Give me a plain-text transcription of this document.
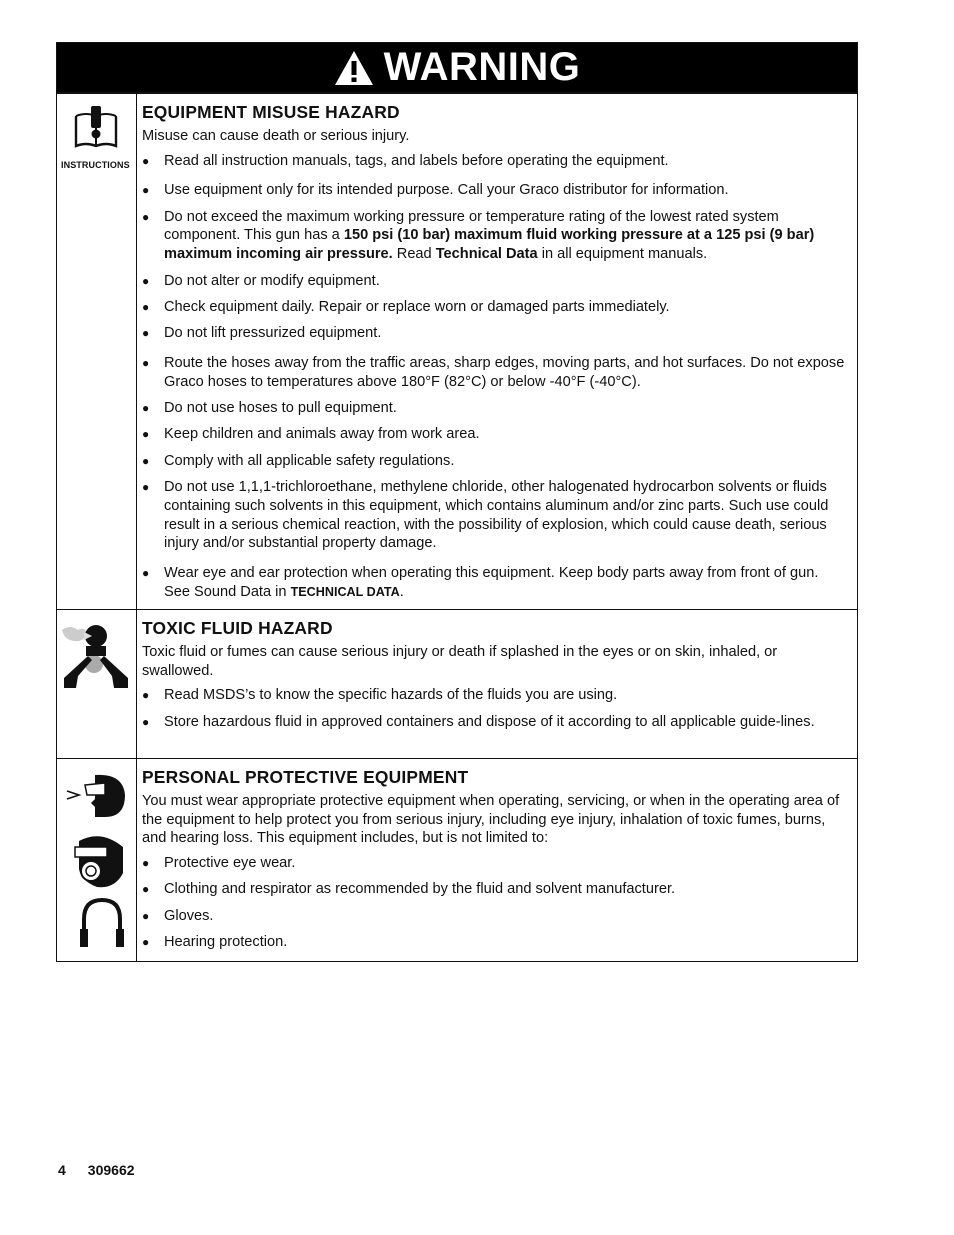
WARNING
INSTRUCTIONS
EQUIPMENT MISUSE HAZARD

Misuse can cause death or serious injury.

● Read all instruction manuals, tags, and labels before operating the equipment.
● Use equipment only for its intended purpose. Call your Graco distributor for information.
● Do not exceed the maximum working pressure or temperature rating of the lowest rated system component. This gun has a 150 psi (10 bar) maximum fluid working pressure at a 125 psi (9 bar) maximum incoming air pressure. Read Technical Data in all equipment manuals.
● Do not alter or modify equipment.
● Check equipment daily. Repair or replace worn or damaged parts immediately.
● Do not lift pressurized equipment.
● Route the hoses away from the traffic areas, sharp edges, moving parts, and hot surfaces. Do not expose Graco hoses to temperatures above 180°F (82°C) or below -40°F (-40°C).
● Do not use hoses to pull equipment.
● Keep children and animals away from work area.
● Comply with all applicable safety regulations.
● Do not use 1,1,1-trichloroethane, methylene chloride, other halogenated hydrocarbon solvents or fluids containing such solvents in this equipment, which contains aluminum and/or zinc parts. Such use could result in a serious chemical reaction, with the possibility of explosion, which could cause death, serious injury and/or substantial property damage.
● Wear eye and ear protection when operating this equipment. Keep body parts away from front of gun. See Sound Data in TECHNICAL DATA.
TOXIC FLUID HAZARD

Toxic fluid or fumes can cause serious injury or death if splashed in the eyes or on skin, inhaled, or swallowed.

● Read MSDS’s to know the specific hazards of the fluids you are using.
● Store hazardous fluid in approved containers and dispose of it according to all applicable guide-lines.
PERSONAL PROTECTIVE EQUIPMENT

You must wear appropriate protective equipment when operating, servicing, or when in the operating area of the equipment to help protect you from serious injury, including eye injury, inhalation of toxic fumes, burns, and hearing loss. This equipment includes, but is not limited to:

● Protective eye wear.
● Clothing and respirator as recommended by the fluid and solvent manufacturer.
● Gloves.
● Hearing protection.
4 309662
